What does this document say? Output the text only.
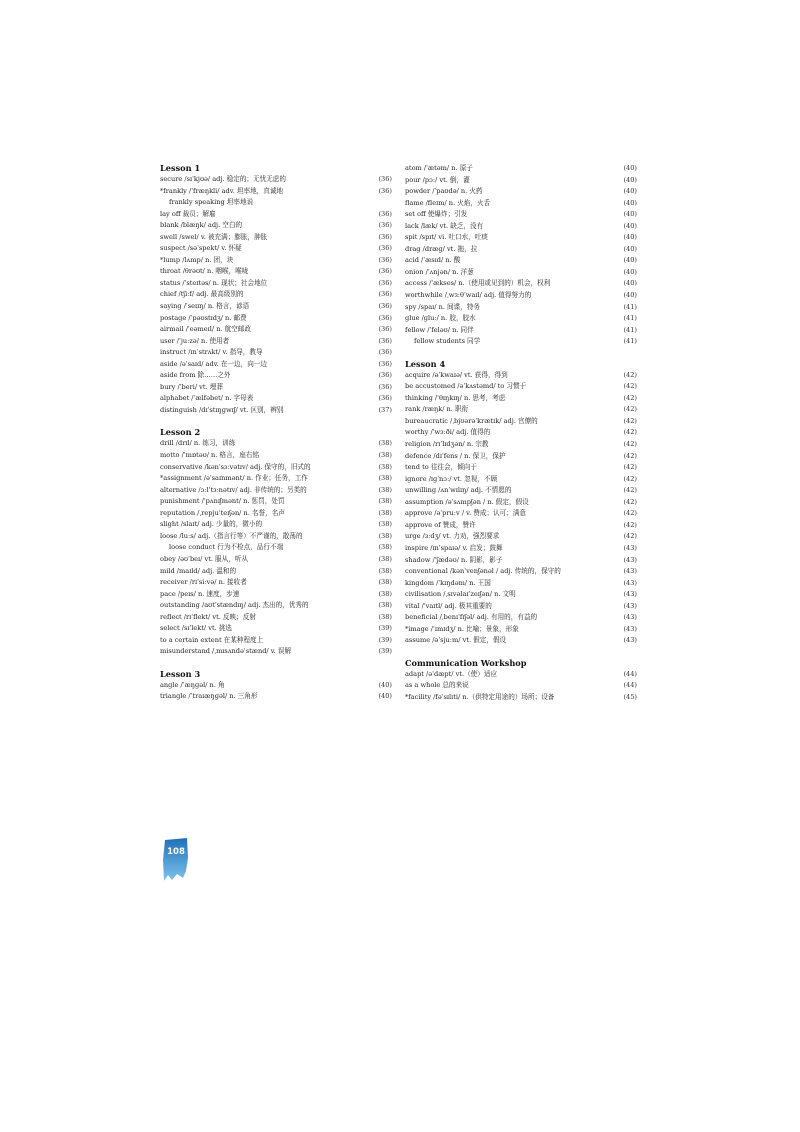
Lesson 1
secure /sɪˈkjʊə/ adj. 稳定的；无忧无虑的	(36)
*frankly /ˈfræŋkli/ adv. 坦率地，真诚地	(36)
frankly speaking 坦率地说
lay off 裁员；解雇	(36)
blank /blæŋk/ adj. 空白的	(36)
swell /swel/ v. 被充满；膨胀，肿胀	(36)
suspect /səˈspekt/ v. 怀疑	(36)
*lump /lʌmp/ n. 团，块	(36)
throat /θrəʊt/ n. 咽喉，喉咙	(36)
status /ˈsteɪtəs/ n. 现状；社会地位	(36)
chief /tʃiːf/ adj. 最高级别的	(36)
saying /ˈseɪɪŋ/ n. 格言，谚语	(36)
postage /ˈpəʊstɪdʒ/ n. 邮费	(36)
airmail /ˈeəmeɪl/ n. 航空邮政	(36)
user /ˈjuːzə/ n. 使用者	(36)
instruct /ɪnˈstrʌkt/ v. 指导，教导	(36)
aside /əˈsaɪd/ adv. 在一边，向一边	(36)
aside from 除……之外	(36)
bury /ˈberi/ vt. 埋葬	(36)
alphabet /ˈælfəbet/ n. 字母表	(36)
distinguish /dɪˈstɪŋɡwɪʃ/ vt. 区别，辨别	(37)
Lesson 2
drill /drɪl/ n. 练习，训练	(38)
motto /ˈmɒtəʊ/ n. 格言，座右铭	(38)
conservative /kənˈsɜːvətɪv/ adj. 保守的，旧式的	(38)
*assignment /əˈsaɪnmənt/ n. 作业；任务，工作	(38)
alternative /ɔːlˈtɜːnətɪv/ adj. 非传统的；另类的	(38)
punishment /ˈpʌnɪʃmənt/ n. 惩罚，处罚	(38)
reputation /ˌrepjuˈteɪʃən/ n. 名誉，名声	(38)
slight /slaɪt/ adj. 少量的，微小的	(38)
loose /luːs/ adj.（指言行等）不严谨的，散荡的	(38)
loose conduct 行为不检点，品行不端	(38)
obey /əʊˈbeɪ/ vt. 服从，听从	(38)
mild /maɪld/ adj. 温和的	(38)
receiver /rɪˈsiːvə/ n. 接收者	(38)
pace /peɪs/ n. 速度，步速	(38)
outstanding /aʊtˈstændɪŋ/ adj. 杰出的，优秀的	(38)
reflect /rɪˈflekt/ vt. 反映；反射	(38)
select /sɪˈlekt/ vt. 挑选	(39)
to a certain extent 在某种程度上	(39)
misunderstand /ˌmɪsʌndəˈstænd/ v. 误解	(39)
Lesson 3
angle /ˈæŋɡəl/ n. 角	(40)
triangle /ˈtraɪæŋɡəl/ n. 三角形	(40)
atom /ˈætəm/ n. 原子	(40)
pour /pɔː/ vt. 倒，灌	(40)
powder /ˈpaʊdə/ n. 火药	(40)
flame /fleɪm/ n. 火焰，火舌	(40)
set off 使爆炸；引发	(40)
lack /læk/ vt. 缺乏，没有	(40)
spit /spɪt/ vi. 吐口水，吐痰	(40)
drag /dræɡ/ vt. 拖，拉	(40)
acid /ˈæsɪd/ n. 酸	(40)
onion /ˈʌnjən/ n. 洋葱	(40)
access /ˈækses/ n.（使用或见到的）机会，权利	(40)
worthwhile /ˌwɜːθˈwaɪl/ adj. 值得努力的	(40)
spy /spaɪ/ n. 间谍，特务	(41)
glue /ɡluː/ n. 胶，胶水	(41)
fellow /ˈfeləʊ/ n. 同伴	(41)
fellow students 同学	(41)
Lesson 4
acquire /əˈkwaɪə/ vt. 获得，得到	(42)
be accustomed /əˈkʌstəmd/ to 习惯于	(42)
thinking /ˈθɪŋkɪŋ/ n. 思考，考虑	(42)
rank /ræŋk/ n. 职衔	(42)
bureaucratic /ˌbjʊərəˈkrætɪk/ adj. 官僚的	(42)
worthy /ˈwɜːði/ adj. 值得的	(42)
religion /rɪˈlɪdʒən/ n. 宗教	(42)
defence /dɪˈfens / n. 保卫，保护	(42)
tend to 往往会，倾向于	(42)
ignore /ɪɡˈnɔː/ vt. 忽视，不顾	(42)
unwilling /ʌnˈwɪlɪŋ/ adj. 不情愿的	(42)
assumption /əˈsʌmpʃən / n. 假定，假设	(42)
approve /əˈpruːv / v. 赞成；认可；满意	(42)
approve of 赞成，赞许	(42)
urge /ɜːdʒ/ vt. 力劝，强烈要求	(42)
inspire /ɪnˈspaɪə/ v. 启发；鼓舞	(43)
shadow /ˈʃædəʊ/ n. 阴影，影子	(43)
conventional /kənˈvenʃənəl / adj. 传统的，保守的	(43)
kingdom /ˈkɪŋdəm/ n. 王国	(43)
civilisation /ˌsɪvəlaɪˈzeɪʃən/ n. 文明	(43)
vital /ˈvaɪtl/ adj. 极其重要的	(43)
beneficial /ˌbenɪˈfɪʃəl/ adj. 有用的，有益的	(43)
*image /ˈɪmɪdʒ/ n. 比喻；景象，形象	(43)
assume /əˈsjuːm/ vt. 假定，假设	(43)
Communication Workshop
adapt /əˈdæpt/ vt.（使）适应	(44)
as a whole 总的来说	(44)
*facility /fəˈsɪlɪti/ n.（供特定用途的）场所；设备	(45)
108
